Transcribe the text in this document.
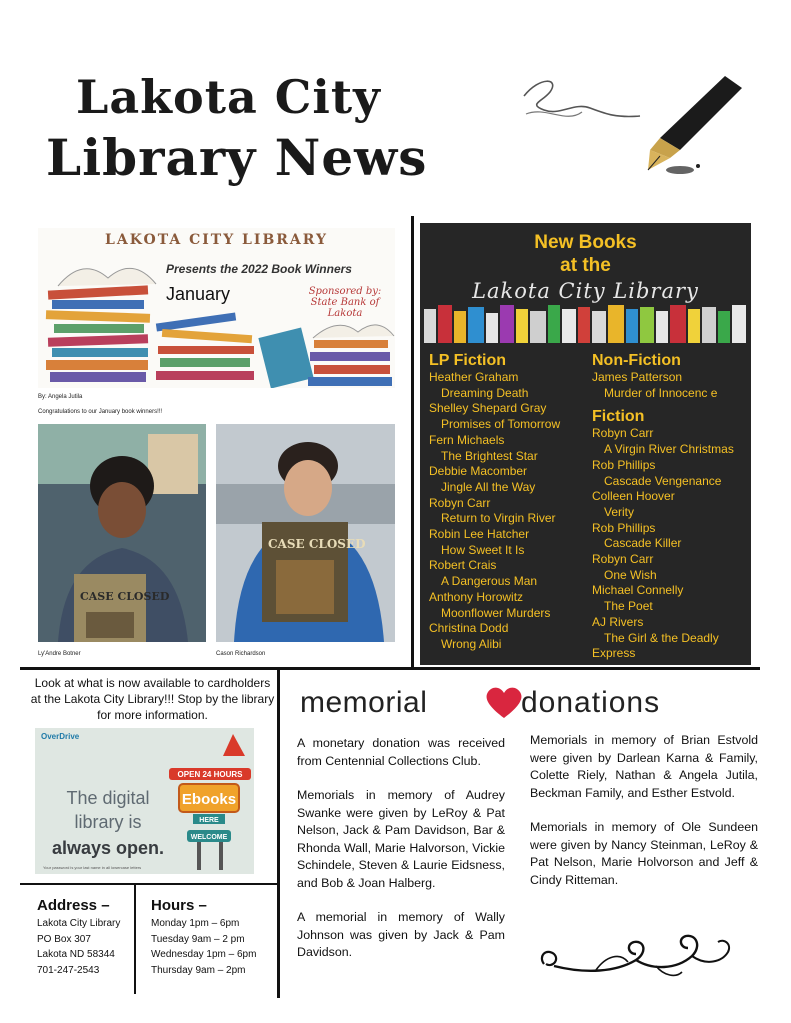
Lakota City
Library News
LAKOTA CITY LIBRARY
Presents the 2022 Book Winners
January	Sponsored by: State Bank of Lakota
By: Angela Jutila
Congratulations to our January book winners!!!
CASE CLOSED
CASE CLOSED
Ly'Andre Botner	Cason Richardson
New Books
at the
Lakota City Library
LP Fiction
Heather Graham
Dreaming Death
Shelley Shepard Gray
Promises of Tomorrow
Fern Michaels
The Brightest Star
Debbie Macomber
Jingle All the Way
Robyn Carr
Return to Virgin River
Robin Lee Hatcher
How Sweet It Is
Robert Crais
A Dangerous Man
Anthony Horowitz
Moonflower Murders
Christina Dodd
Wrong Alibi
Non-Fiction
James Patterson
Murder of Innocenc e
Fiction
Robyn Carr
A Virgin River Christmas
Rob Phillips
Cascade Vengenance
Colleen Hoover
Verity
Rob Phillips
Cascade Killer
Robyn Carr
One Wish
Michael Connelly
The Poet
AJ Rivers
The Girl & the Deadly
Express
Look at what is now available to cardholders at the Lakota City Library!!! Stop by the library for more information.
OverDrive
The digital
library is
always open.
OPEN 24 HOURS
Ebooks
HERE
WELCOME
Your password is your last name in all lowercase letters
Address –
Lakota City Library
PO Box 307
Lakota ND 58344
701-247-2543
Hours –
Monday 1pm – 6pm
Tuesday 9am – 2 pm
Wednesday 1pm – 6pm
Thursday 9am – 2pm
memorial	donations

A monetary donation was received from Centennial Collections Club.

Memorials in memory of Audrey Swanke were given by LeRoy & Pat Nelson, Jack & Pam Davidson, Bar & Rhonda Wall, Marie Halvorson, Vickie Schindele, Steven & Laurie Eidsness, and Bob & Joan Halberg.

A memorial in memory of Wally Johnson was given by Jack & Pam Davidson.

Memorials in memory of Brian Estvold were given by Darlean Karna & Family, Colette Riely, Nathan & Angela Jutila, Beckman Family, and Esther Estvold.

Memorials in memory of Ole Sundeen were given by Nancy Steinman, LeRoy & Pat Nelson, Marie Holvorson and Jeff & Cindy Ritteman.
